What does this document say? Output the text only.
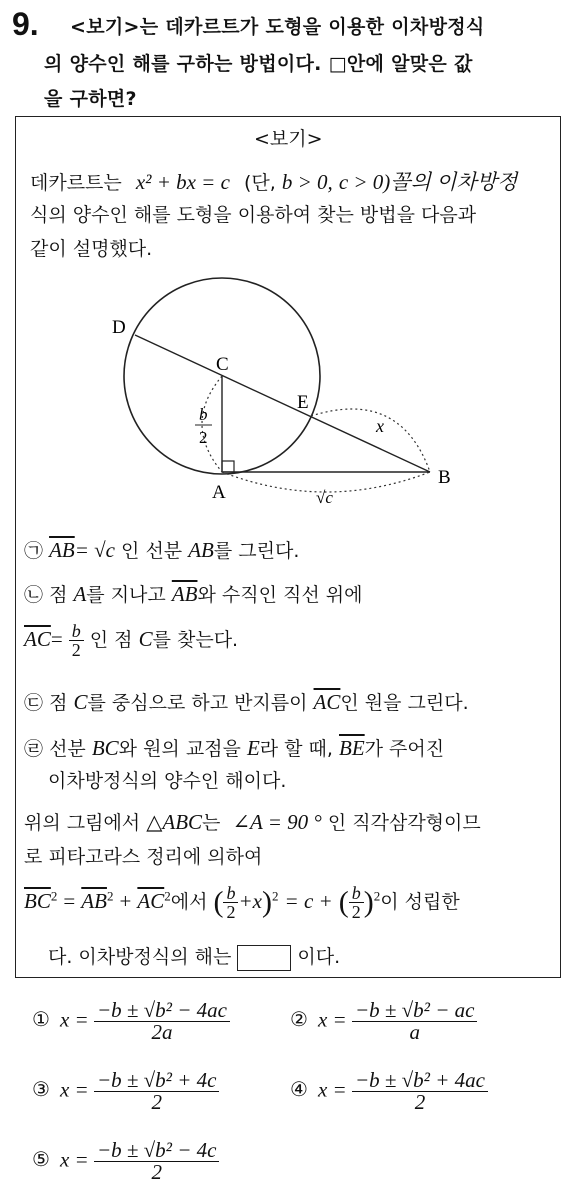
9. <보기>는 데카르트가 도형을 이용한 이차방정식
의 양수인 해를 구하는 방법이다. □안에 알맞은 값
을 구하면?
<보기>
데카르트는 x² + bx = c (단, b > 0, c > 0)꼴의 이차방정
식의 양수인 해를 도형을 이용하여 찾는 방법을 다음과
같이 설명했다.
D
C
E
B
A
x
b
2
√c
㉠ $\overline{AB}= √c$ 인 선분 AB를 그린다.
㉡ 점 A를 지나고 $\overline{AB}$와 수직인 직선 위에
$\overline{AC}= \frac{b}{2}$ 인 점 C를 찾는다.
㉢ 점 C를 중심으로 하고 반지름이 $\overline{AC}$인 원을 그린다.
㉣ 선분 BC와 원의 교점을 E라 할 때, $\overline{BE}$가 주어진
이차방정식의 양수인 해이다.
위의 그림에서 △ABC는 ∠A = 90 ° 인 직각삼각형이므
로 피타고라스 정리에 의하여
$\overline{BC}^2 = \overline{AB}^2 + \overline{AC}^2$에서 ( $\frac{b}{2} +x)^2 = c$ + ( $\frac{b}{2} )^2$이 성립한
다. 이차방정식의 해는	이다.
① $x = \frac{\text{−b ± √b² − 4ac}}{2a}$	② $x = \frac{\text{−b ± √b² − ac}}{a}$
③ $x = \frac{\text{−b ± √b² + 4c}}{2}$	④ $x = \frac{\text{−b ± √b² + 4ac}}{2}$
⑤ $x = \frac{\text{−b ± √b² − 4c}}{2}$
